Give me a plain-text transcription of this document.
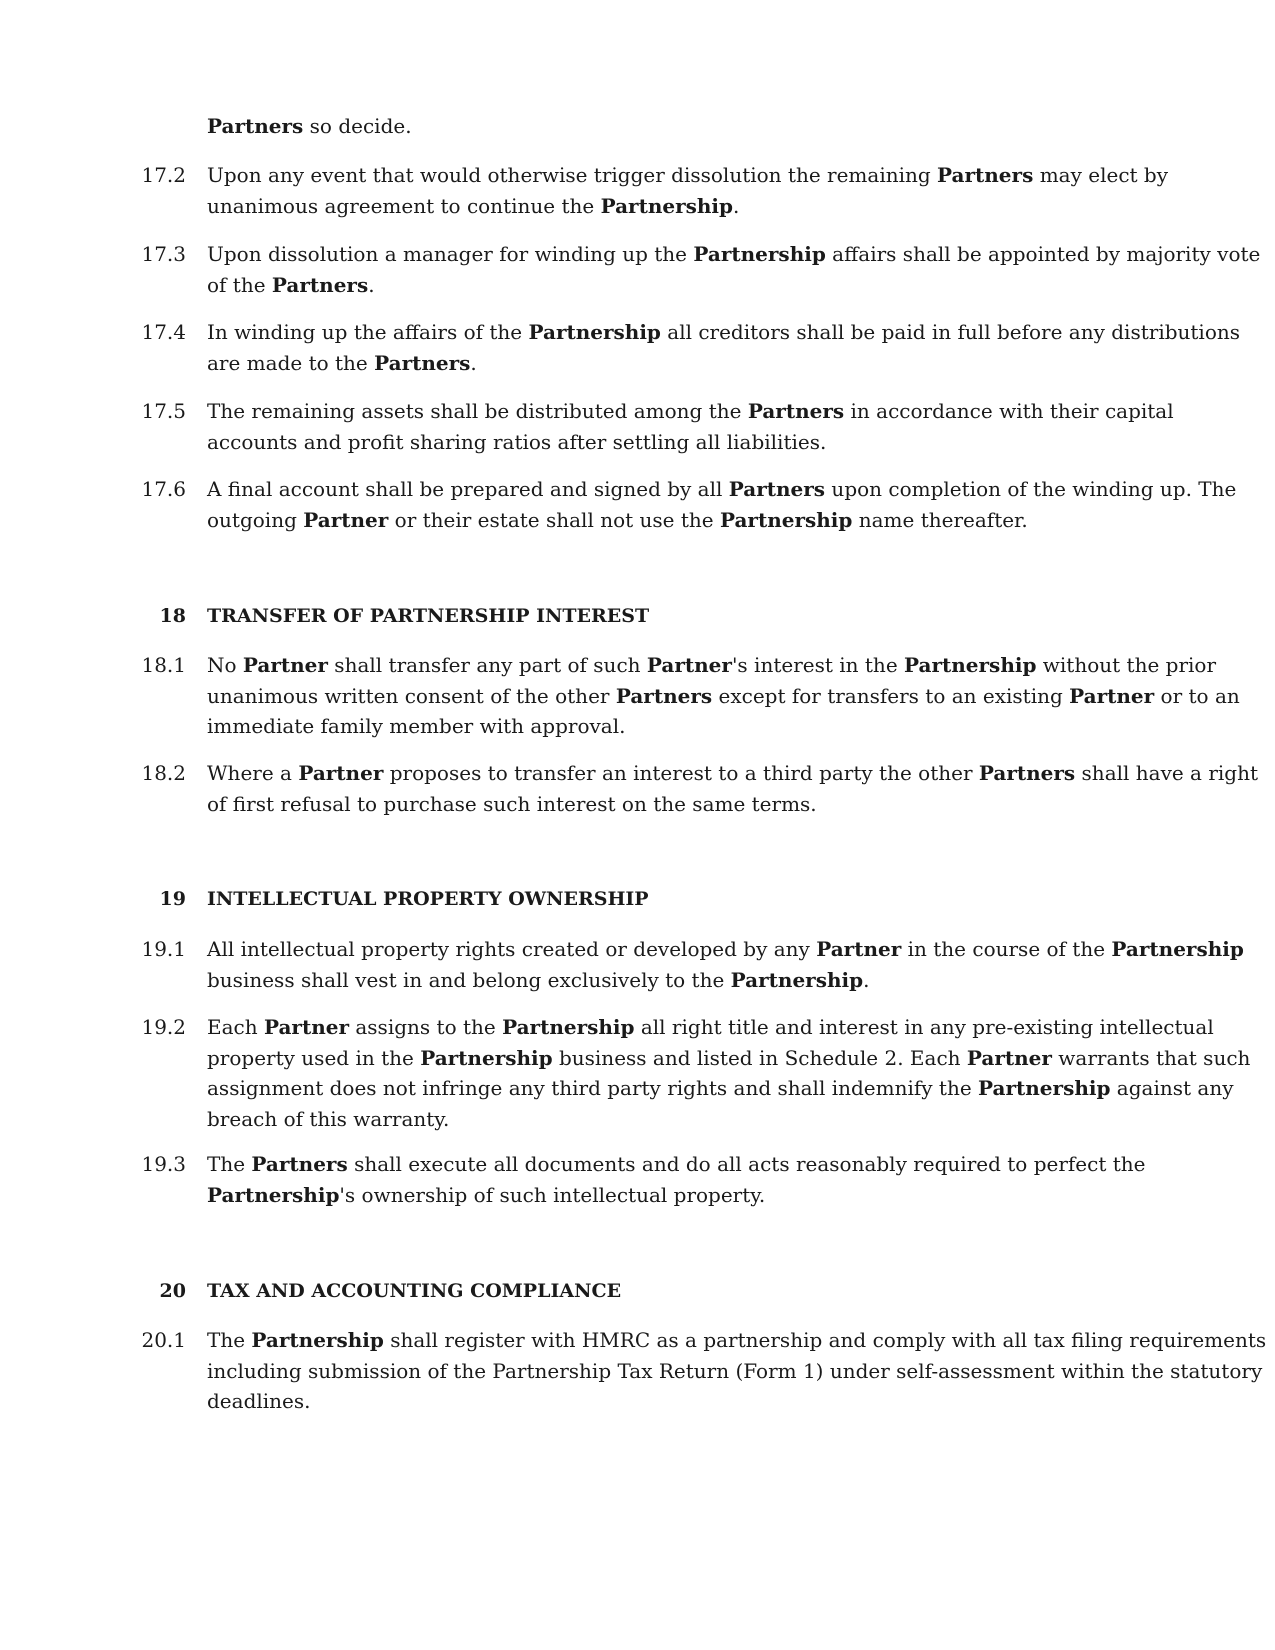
Partners so decide.
17.2 Upon any event that would otherwise trigger dissolution the remaining Partners may elect by unanimous agreement to continue the Partnership.
17.3 Upon dissolution a manager for winding up the Partnership affairs shall be appointed by majority vote of the Partners.
17.4 In winding up the affairs of the Partnership all creditors shall be paid in full before any distributions are made to the Partners.
17.5 The remaining assets shall be distributed among the Partners in accordance with their capital accounts and profit sharing ratios after settling all liabilities.
17.6 A final account shall be prepared and signed by all Partners upon completion of the winding up. The outgoing Partner or their estate shall not use the Partnership name thereafter.
18 TRANSFER OF PARTNERSHIP INTEREST
18.1 No Partner shall transfer any part of such Partner's interest in the Partnership without the prior unanimous written consent of the other Partners except for transfers to an existing Partner or to an immediate family member with approval.
18.2 Where a Partner proposes to transfer an interest to a third party the other Partners shall have a right of first refusal to purchase such interest on the same terms.
19 INTELLECTUAL PROPERTY OWNERSHIP
19.1 All intellectual property rights created or developed by any Partner in the course of the Partnership business shall vest in and belong exclusively to the Partnership.
19.2 Each Partner assigns to the Partnership all right title and interest in any pre-existing intellectual property used in the Partnership business and listed in Schedule 2. Each Partner warrants that such assignment does not infringe any third party rights and shall indemnify the Partnership against any breach of this warranty.
19.3 The Partners shall execute all documents and do all acts reasonably required to perfect the Partnership's ownership of such intellectual property.
20 TAX AND ACCOUNTING COMPLIANCE
20.1 The Partnership shall register with HMRC as a partnership and comply with all tax filing requirements including submission of the Partnership Tax Return (Form 1) under self-assessment within the statutory deadlines.
